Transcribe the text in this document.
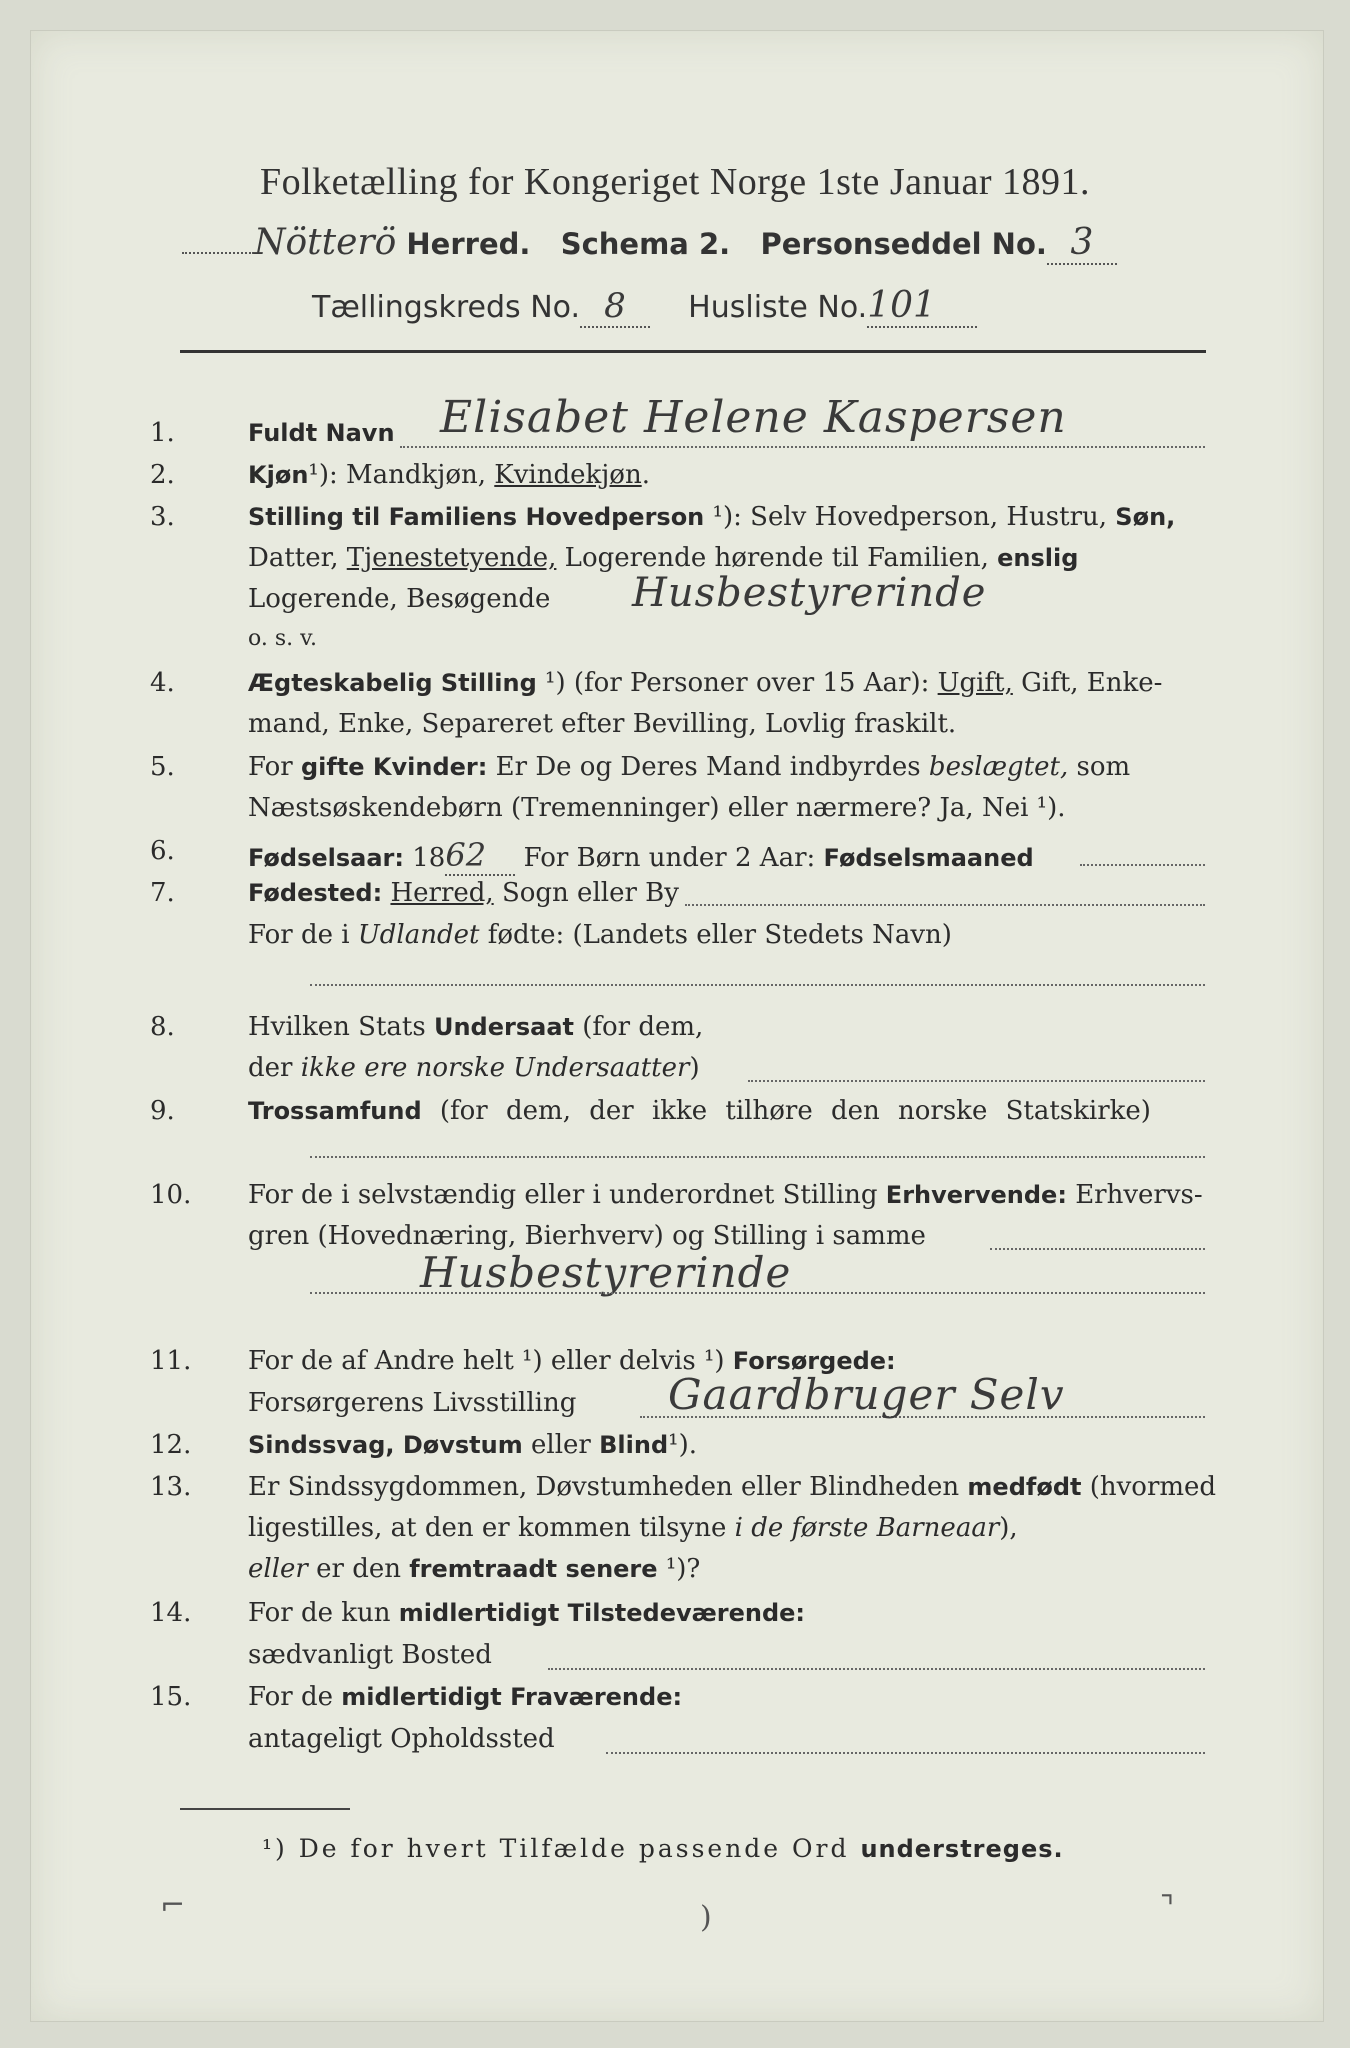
Folketælling for Kongeriget Norge 1ste Januar 1891.
Nötterö Herred. Schema 2. Personseddel No. 3
Tællingskreds No. 8 Husliste No.101
1.	Fuldt Navn Elisabet Helene Kaspersen
2.	Kjøn¹): Mandkjøn, Kvindekjøn.
3.	Stilling til Familiens Hovedperson ¹): Selv Hovedperson, Hustru, Søn,
Datter, Tjenestetyende, Logerende hørende til Familien, enslig
Logerende, Besøgende Husbestyrerinde
o. s. v.
4.	Ægteskabelig Stilling ¹) (for Personer over 15 Aar): Ugift, Gift, Enke-
mand, Enke, Separeret efter Bevilling, Lovlig fraskilt.
5.	For gifte Kvinder: Er De og Deres Mand indbyrdes beslægtet, som
Næstsøskendebørn (Tremenninger) eller nærmere? Ja, Nei ¹).
6.	Fødselsaar: 1862 For Børn under 2 Aar: Fødselsmaaned
7.	Fødested: Herred, Sogn eller By
For de i Udlandet fødte: (Landets eller Stedets Navn)
8.	Hvilken Stats Undersaat (for dem,
der ikke ere norske Undersaatter)
9.	Trossamfund (for dem, der ikke tilhøre den norske Statskirke)
10.	For de i selvstændig eller i underordnet Stilling Erhvervende: Erhvervs-
gren (Hovednæring, Bierhverv) og Stilling i samme
Husbestyrerinde
11.	For de af Andre helt ¹) eller delvis ¹) Forsørgede:
Forsørgerens Livsstilling Gaardbruger Selv
12.	Sindssvag, Døvstum eller Blind¹).
13.	Er Sindssygdommen, Døvstumheden eller Blindheden medfødt (hvormed
ligestilles, at den er kommen tilsyne i de første Barneaar),
eller er den fremtraadt senere ¹)?
14.	For de kun midlertidigt Tilstedeværende:
sædvanligt Bosted
15.	For de midlertidigt Fraværende:
antageligt Opholdssted
¹) De for hvert Tilfælde passende Ord understreges.
⌐	)	⌝
